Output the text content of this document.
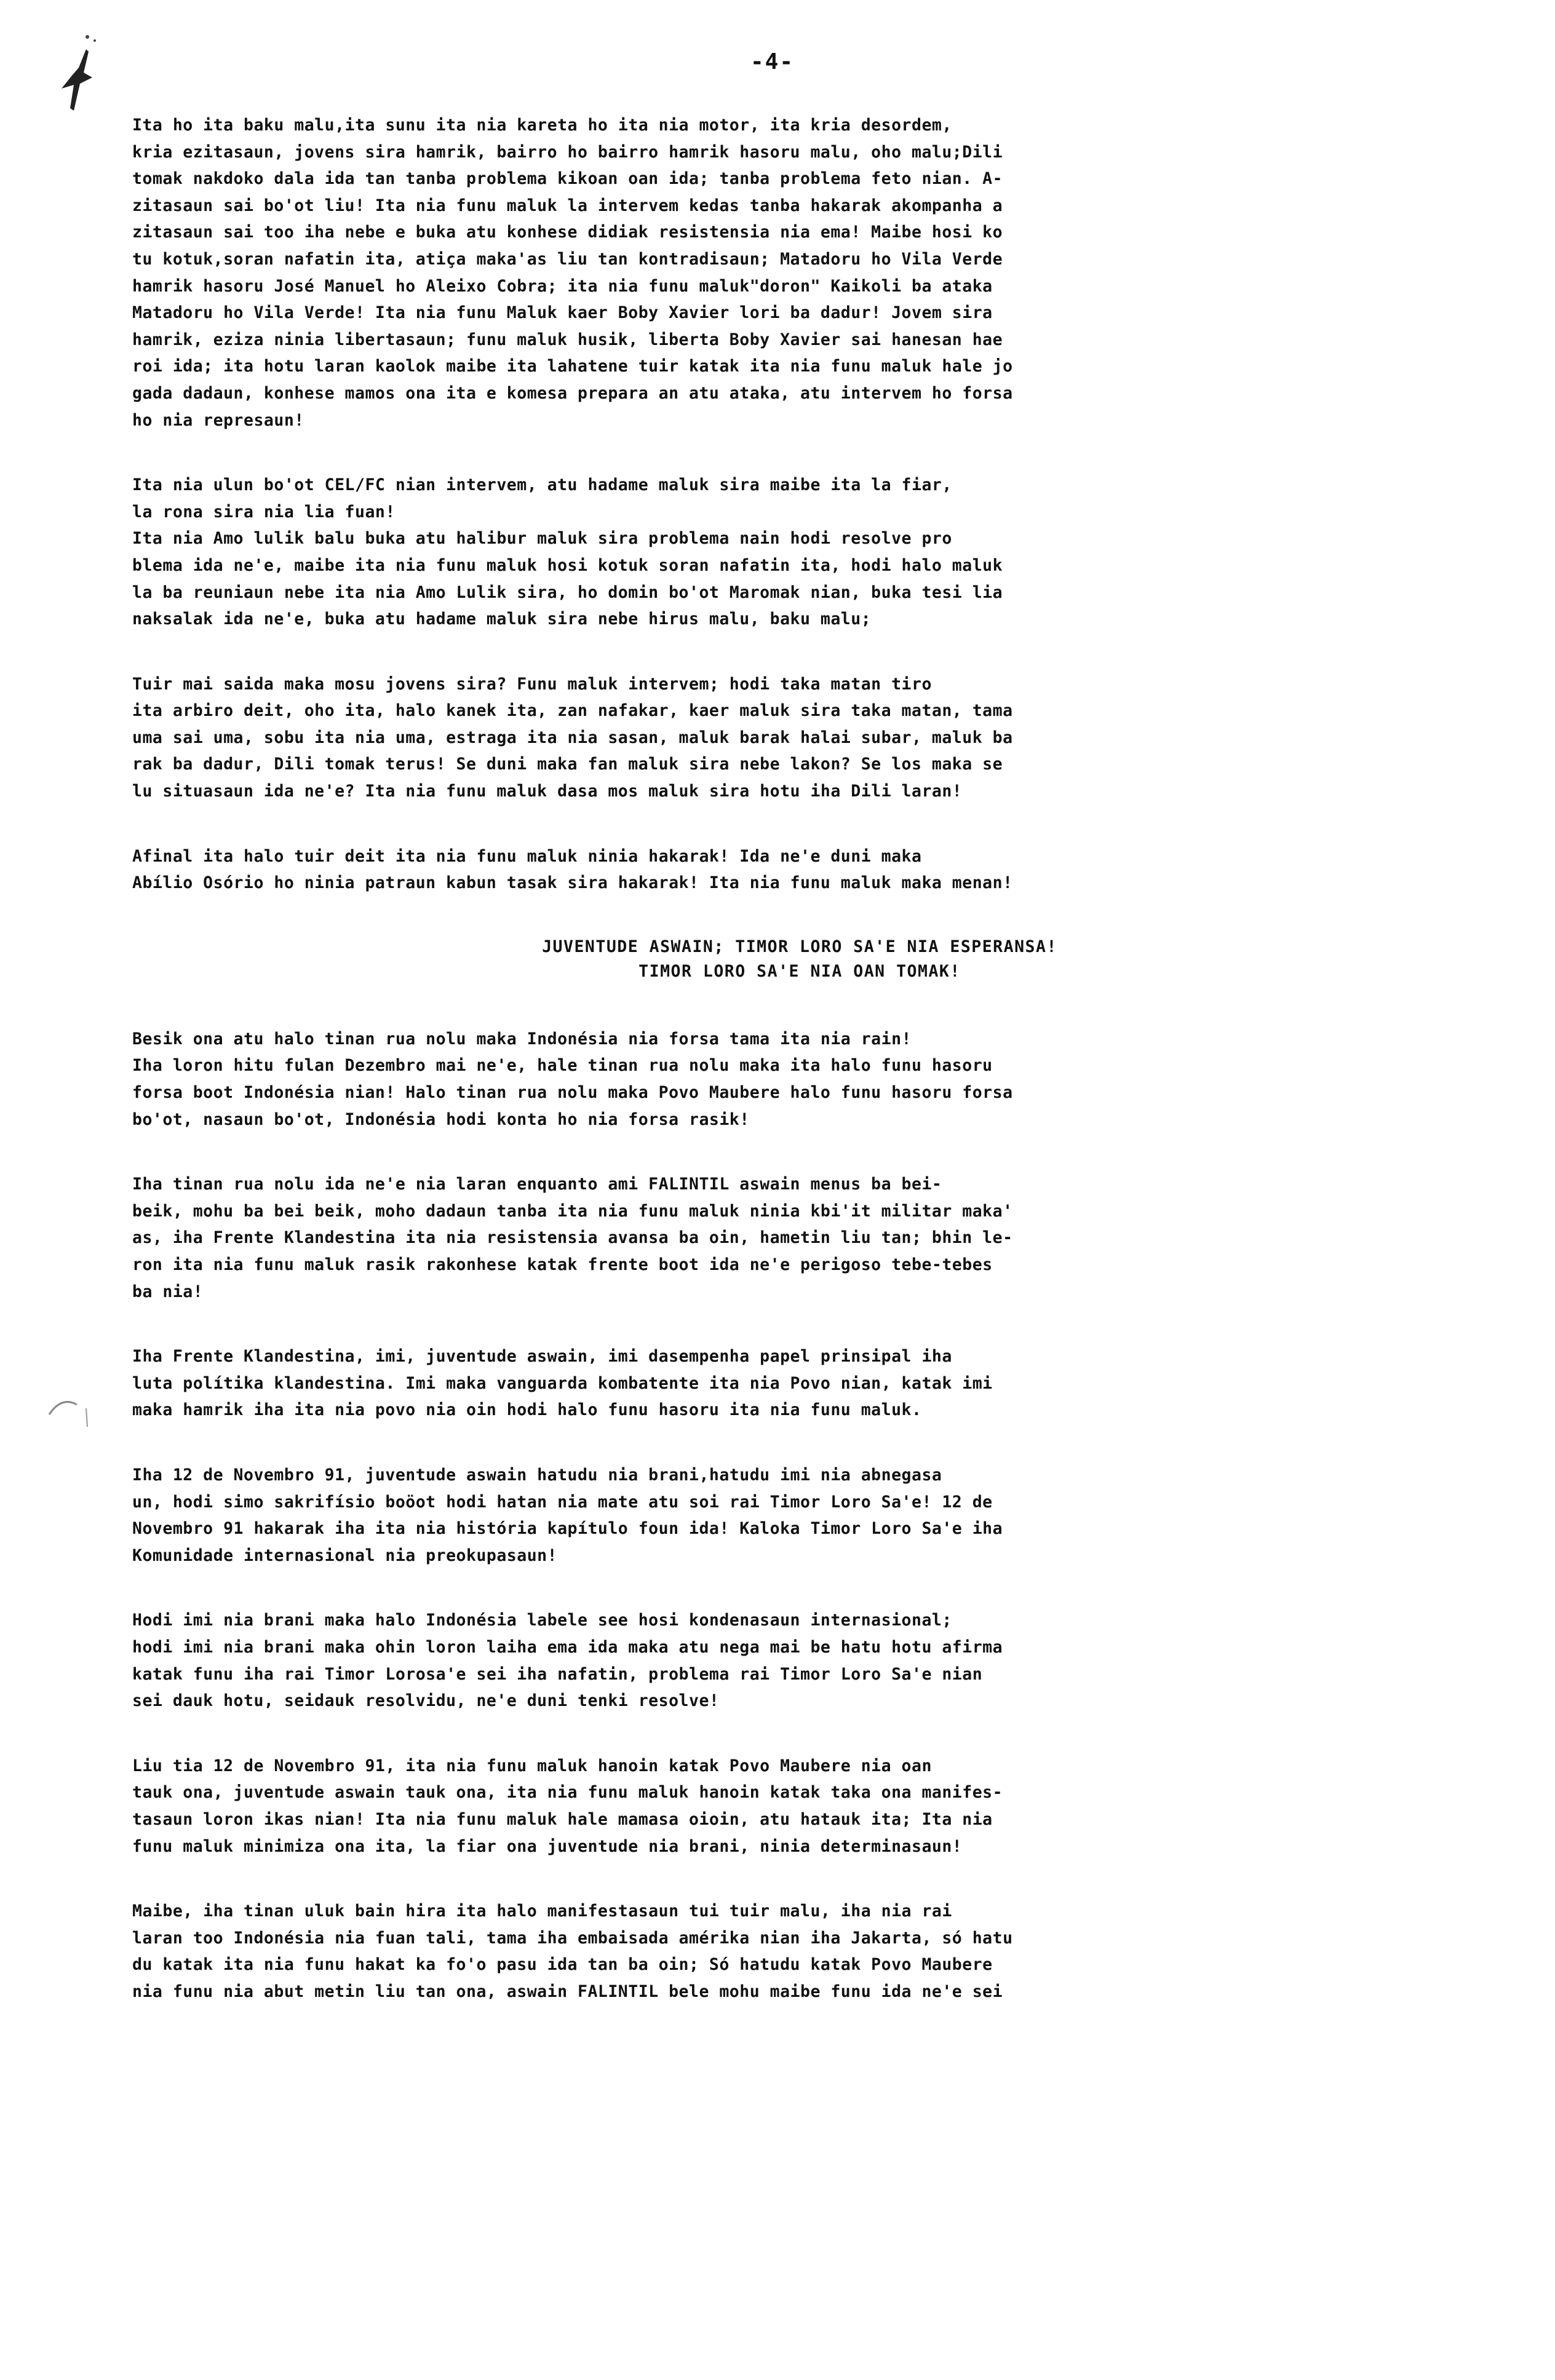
-4-
Ita ho ita baku malu,ita sunu ita nia kareta ho ita nia motor, ita kria desordem,
kria ezitasaun, jovens sira hamrik, bairro ho bairro hamrik hasoru malu, oho malu;Dili
tomak nakdoko dala ida tan tanba problema kikoan oan ida; tanba problema feto nian. A-
zitasaun sai bo'ot liu! Ita nia funu maluk la intervem kedas tanba hakarak akompanha a
zitasaun sai too iha nebe e buka atu konhese didiak resistensia nia ema! Maibe hosi ko
tu kotuk,soran nafatin ita, atiça maka'as liu tan kontradisaun; Matadoru ho Vila Verde
hamrik hasoru José Manuel ho Aleixo Cobra; ita nia funu maluk"doron" Kaikoli ba ataka
Matadoru ho Vila Verde! Ita nia funu Maluk kaer Boby Xavier lori ba dadur! Jovem sira
hamrik, eziza ninia libertasaun; funu maluk husik, liberta Boby Xavier sai hanesan hae
roi ida; ita hotu laran kaolok maibe ita lahatene tuir katak ita nia funu maluk hale jo
gada dadaun, konhese mamos ona ita e komesa prepara an atu ataka, atu intervem ho forsa
ho nia represaun!
Ita nia ulun bo'ot CEL/FC nian intervem, atu hadame maluk sira maibe ita la fiar,
la rona sira nia lia fuan!
Ita nia Amo lulik balu buka atu halibur maluk sira problema nain hodi resolve pro
blema ida ne'e, maibe ita nia funu maluk hosi kotuk soran nafatin ita, hodi halo maluk
la ba reuniaun nebe ita nia Amo Lulik sira, ho domin bo'ot Maromak nian, buka tesi lia
naksalak ida ne'e, buka atu hadame maluk sira nebe hirus malu, baku malu;
Tuir mai saida maka mosu jovens sira? Funu maluk intervem; hodi taka matan tiro
ita arbiro deit, oho ita, halo kanek ita, zan nafakar, kaer maluk sira taka matan, tama
uma sai uma, sobu ita nia uma, estraga ita nia sasan, maluk barak halai subar, maluk ba
rak ba dadur, Dili tomak terus! Se duni maka fan maluk sira nebe lakon? Se los maka se
lu situasaun ida ne'e? Ita nia funu maluk dasa mos maluk sira hotu iha Dili laran!
Afinal ita halo tuir deit ita nia funu maluk ninia hakarak! Ida ne'e duni maka
Abílio Osório ho ninia patraun kabun tasak sira hakarak! Ita nia funu maluk maka menan!
JUVENTUDE ASWAIN; TIMOR LORO SA'E NIA ESPERANSA!
TIMOR LORO SA'E NIA OAN TOMAK!
Besik ona atu halo tinan rua nolu maka Indonésia nia forsa tama ita nia rain!
Iha loron hitu fulan Dezembro mai ne'e, hale tinan rua nolu maka ita halo funu hasoru
forsa boot Indonésia nian! Halo tinan rua nolu maka Povo Maubere halo funu hasoru forsa
bo'ot, nasaun bo'ot, Indonésia hodi konta ho nia forsa rasik!
Iha tinan rua nolu ida ne'e nia laran enquanto ami FALINTIL aswain menus ba bei-
beik, mohu ba bei beik, moho dadaun tanba ita nia funu maluk ninia kbi'it militar maka'
as, iha Frente Klandestina ita nia resistensia avansa ba oin, hametin liu tan; bhin le-
ron ita nia funu maluk rasik rakonhese katak frente boot ida ne'e perigoso tebe-tebes
ba nia!
Iha Frente Klandestina, imi, juventude aswain, imi dasempenha papel prinsipal iha
luta polítika klandestina. Imi maka vanguarda kombatente ita nia Povo nian, katak imi
maka hamrik iha ita nia povo nia oin hodi halo funu hasoru ita nia funu maluk.
Iha 12 de Novembro 91, juventude aswain hatudu nia brani,hatudu imi nia abnegasa
un, hodi simo sakrifísio boöot hodi hatan nia mate atu soi rai Timor Loro Sa'e! 12 de
Novembro 91 hakarak iha ita nia história kapítulo foun ida! Kaloka Timor Loro Sa'e iha
Komunidade internasional nia preokupasaun!
Hodi imi nia brani maka halo Indonésia labele see hosi kondenasaun internasional;
hodi imi nia brani maka ohin loron laiha ema ida maka atu nega mai be hatu hotu afirma
katak funu iha rai Timor Lorosa'e sei iha nafatin, problema rai Timor Loro Sa'e nian
sei dauk hotu, seidauk resolvidu, ne'e duni tenki resolve!
Liu tia 12 de Novembro 91, ita nia funu maluk hanoin katak Povo Maubere nia oan
tauk ona, juventude aswain tauk ona, ita nia funu maluk hanoin katak taka ona manifes-
tasaun loron ikas nian! Ita nia funu maluk hale mamasa oioin, atu hatauk ita; Ita nia
funu maluk minimiza ona ita, la fiar ona juventude nia brani, ninia determinasaun!
Maibe, iha tinan uluk bain hira ita halo manifestasaun tui tuir malu, iha nia rai
laran too Indonésia nia fuan tali, tama iha embaisada amérika nian iha Jakarta, só hatu
du katak ita nia funu hakat ka fo'o pasu ida tan ba oin; Só hatudu katak Povo Maubere
nia funu nia abut metin liu tan ona, aswain FALINTIL bele mohu maibe funu ida ne'e sei
